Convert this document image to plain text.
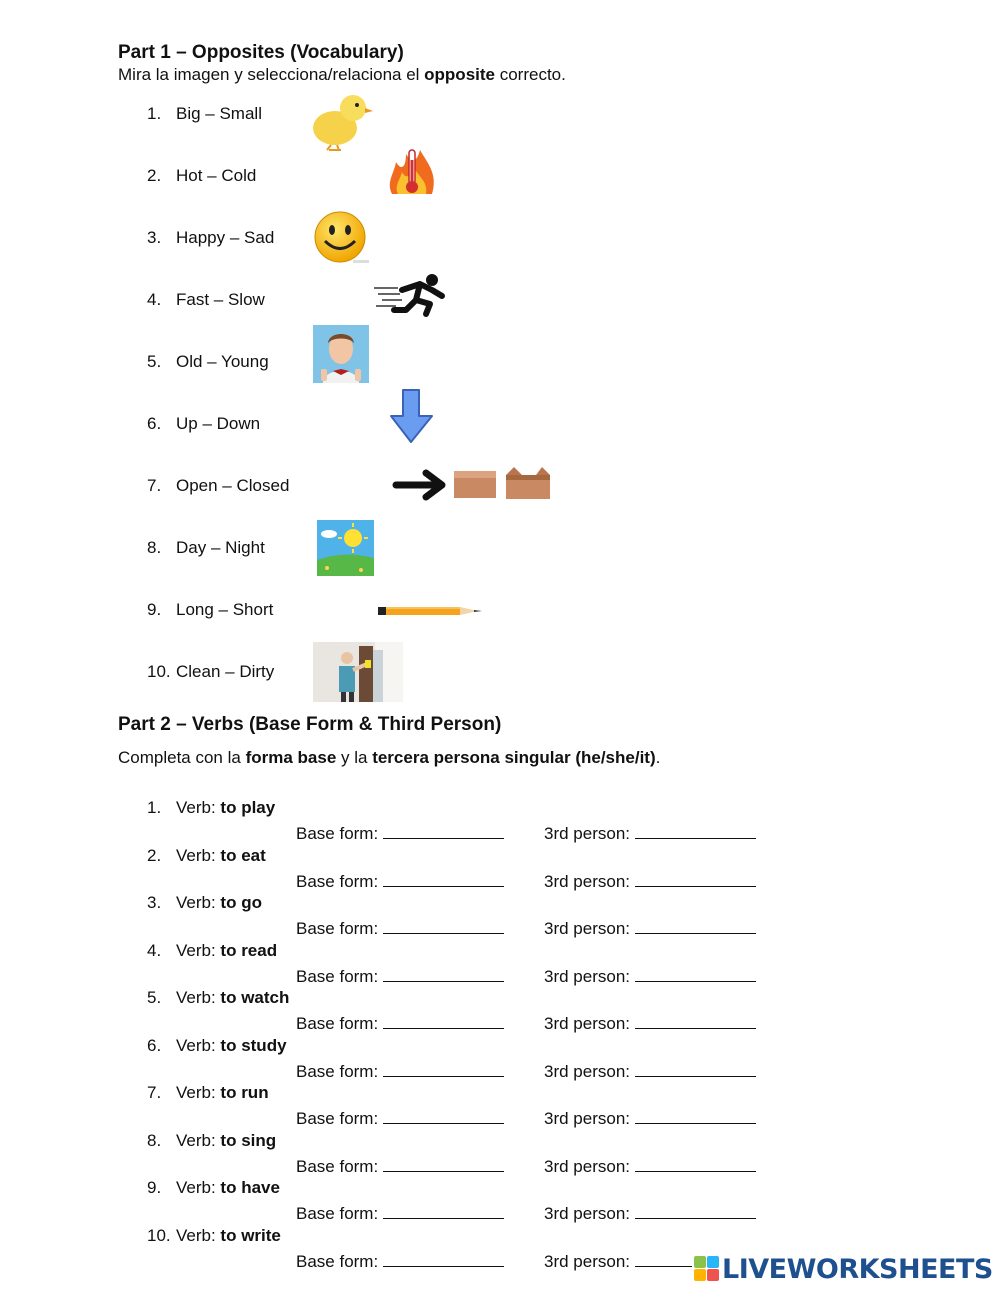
Part 1 – Opposites (Vocabulary)
Mira la imagen y selecciona/relaciona el opposite correcto.
1. Big – Small
2. Hot – Cold
3. Happy – Sad
4. Fast – Slow
5. Old – Young
6. Up – Down
7. Open – Closed
8. Day – Night
9. Long – Short
10. Clean – Dirty
Part 2 – Verbs (Base Form & Third Person)
Completa con la forma base y la tercera persona singular (he/she/it).
1. Verb: to play
Base form:	3rd person:
2. Verb: to eat
Base form:	3rd person:
3. Verb: to go
Base form:	3rd person:
4. Verb: to read
Base form:	3rd person:
5. Verb: to watch
Base form:	3rd person:
6. Verb: to study
Base form:	3rd person:
7. Verb: to run
Base form:	3rd person:
8. Verb: to sing
Base form:	3rd person:
9. Verb: to have
Base form:	3rd person:
10. Verb: to write
Base form:	3rd person:	LIVEWORKSHEETS
